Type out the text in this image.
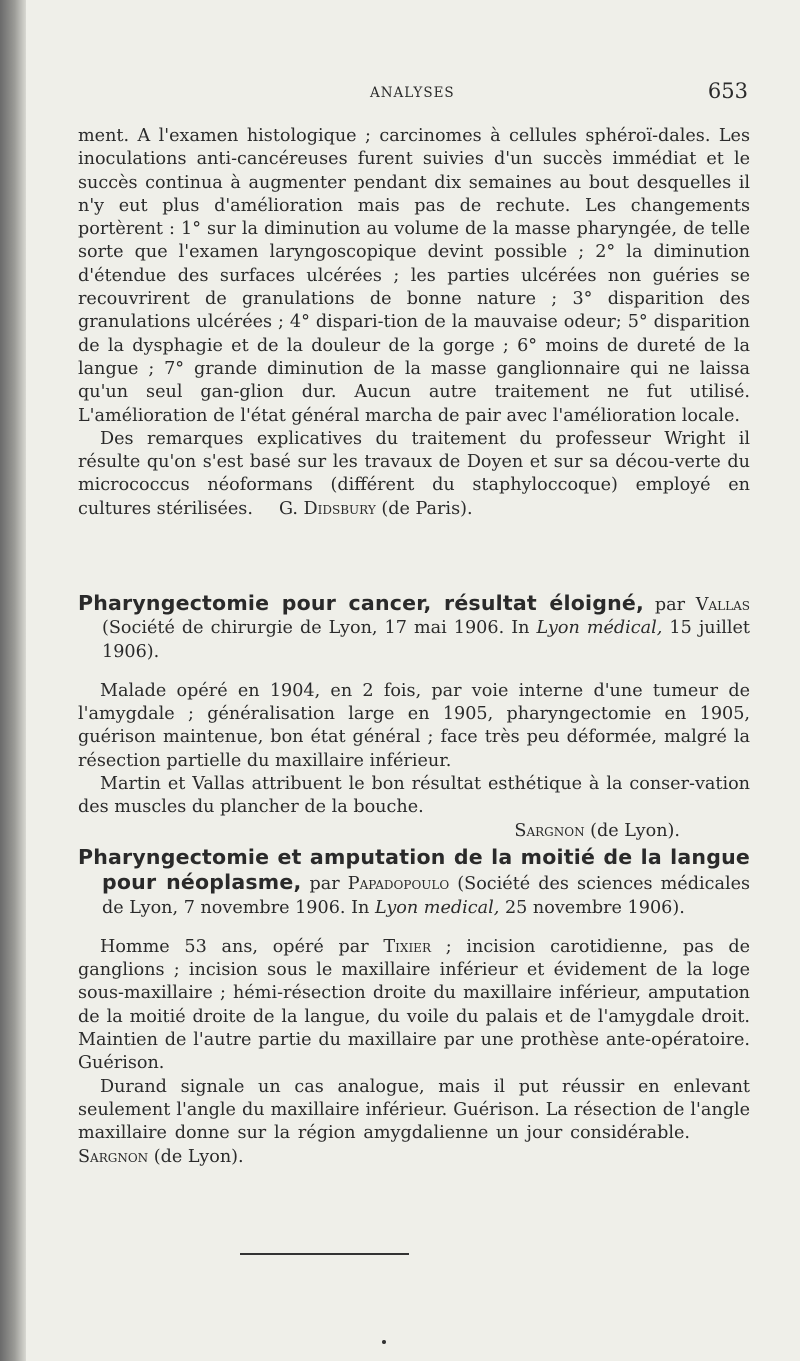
ANALYSES	653

ment. A l'examen histologique ; carcinomes à cellules sphéroï-dales. Les inoculations anti-cancéreuses furent suivies d'un succès immédiat et le succès continua à augmenter pendant dix semaines au bout desquelles il n'y eut plus d'amélioration mais pas de rechute. Les changements portèrent : 1° sur la diminution au volume de la masse pharyngée, de telle sorte que l'examen laryngoscopique devint possible ; 2° la diminution d'étendue des surfaces ulcérées ; les parties ulcérées non guéries se recouvrirent de granulations de bonne nature ; 3° disparition des granulations ulcérées ; 4° dispari-tion de la mauvaise odeur; 5° disparition de la dysphagie et de la douleur de la gorge ; 6° moins de dureté de la langue ; 7° grande diminution de la masse ganglionnaire qui ne laissa qu'un seul gan-glion dur. Aucun autre traitement ne fut utilisé. L'amélioration de l'état général marcha de pair avec l'amélioration locale.

Des remarques explicatives du traitement du professeur Wright il résulte qu'on s'est basé sur les travaux de Doyen et sur sa décou-verte du micrococcus néoformans (différent du staphyloccoque) employé en cultures stérilisées. G. Didsbury (de Paris).

Pharyngectomie pour cancer, résultat éloigné, par Vallas (Société de chirurgie de Lyon, 17 mai 1906. In Lyon médical, 15 juillet 1906).

Malade opéré en 1904, en 2 fois, par voie interne d'une tumeur de l'amygdale ; généralisation large en 1905, pharyngectomie en 1905, guérison maintenue, bon état général ; face très peu déformée, malgré la résection partielle du maxillaire inférieur.

Martin et Vallas attribuent le bon résultat esthétique à la conser-vation des muscles du plancher de la bouche.

Sargnon (de Lyon).

Pharyngectomie et amputation de la moitié de la langue pour néoplasme, par Papadopoulo (Société des sciences médicales de Lyon, 7 novembre 1906. In Lyon medical, 25 novembre 1906).

Homme 53 ans, opéré par Tixier ; incision carotidienne, pas de ganglions ; incision sous le maxillaire inférieur et évidement de la loge sous-maxillaire ; hémi-résection droite du maxillaire inférieur, amputation de la moitié droite de la langue, du voile du palais et de l'amygdale droit. Maintien de l'autre partie du maxillaire par une prothèse ante-opératoire. Guérison.

Durand signale un cas analogue, mais il put réussir en enlevant seulement l'angle du maxillaire inférieur. Guérison. La résection de l'angle maxillaire donne sur la région amygdalienne un jour considérable.Sargnon (de Lyon).
